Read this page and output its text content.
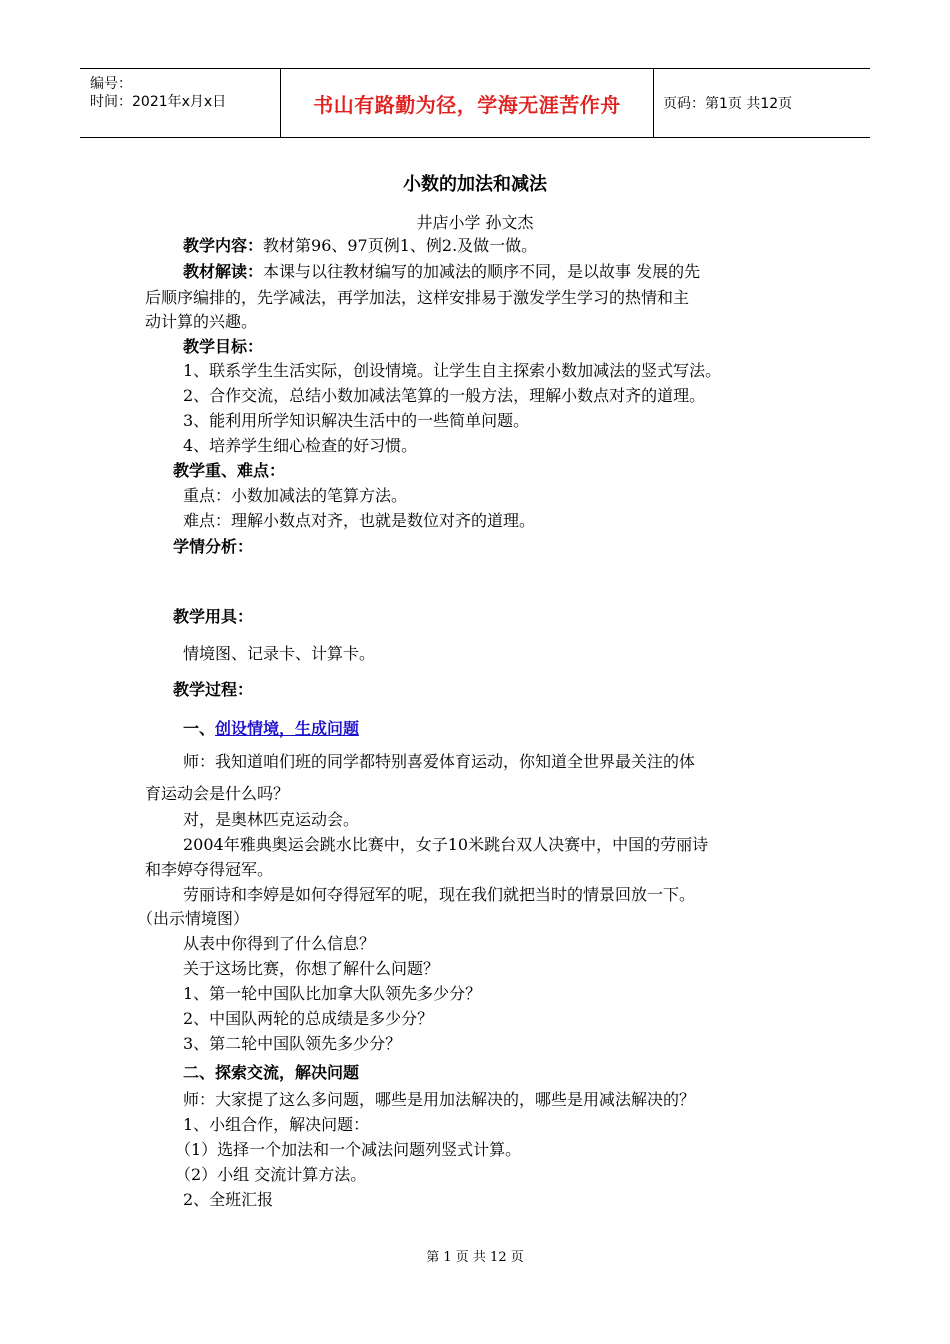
编号：
时间：2021年x月x日	书山有路勤为径，学海无涯苦作舟	页码：第1页 共12页
小数的加法和减法
井店小学 孙文杰
教学内容：教材第96、97页例1、例2.及做一做。
教材解读：本课与以往教材编写的加减法的顺序不同，是以故事 发展的先
后顺序编排的，先学减法，再学加法，这样安排易于激发学生学习的热情和主
动计算的兴趣。
教学目标：
1、联系学生生活实际，创设情境。让学生自主探索小数加减法的竖式写法。
2、合作交流，总结小数加减法笔算的一般方法，理解小数点对齐的道理。
3、能利用所学知识解决生活中的一些简单问题。
4、培养学生细心检查的好习惯。
教学重、难点：
重点：小数加减法的笔算方法。
难点：理解小数点对齐，也就是数位对齐的道理。
学情分析：
教学用具：
情境图、记录卡、计算卡。
教学过程：
一、创设情境，生成问题
师：我知道咱们班的同学都特别喜爱体育运动，你知道全世界最关注的体
育运动会是什么吗？
对，是奥林匹克运动会。
2004年雅典奥运会跳水比赛中，女子10米跳台双人决赛中，中国的劳丽诗
和李婷夺得冠军。
劳丽诗和李婷是如何夺得冠军的呢，现在我们就把当时的情景回放一下。
（出示情境图）
从表中你得到了什么信息？
关于这场比赛，你想了解什么问题？
1、第一轮中国队比加拿大队领先多少分？
2、中国队两轮的总成绩是多少分？
3、第二轮中国队领先多少分？
二、探索交流，解决问题
师：大家提了这么多问题，哪些是用加法解决的，哪些是用减法解决的？
1、小组合作，解决问题：
（1）选择一个加法和一个减法问题列竖式计算。
（2）小组 交流计算方法。
2、全班汇报
第 1 页 共 12 页
